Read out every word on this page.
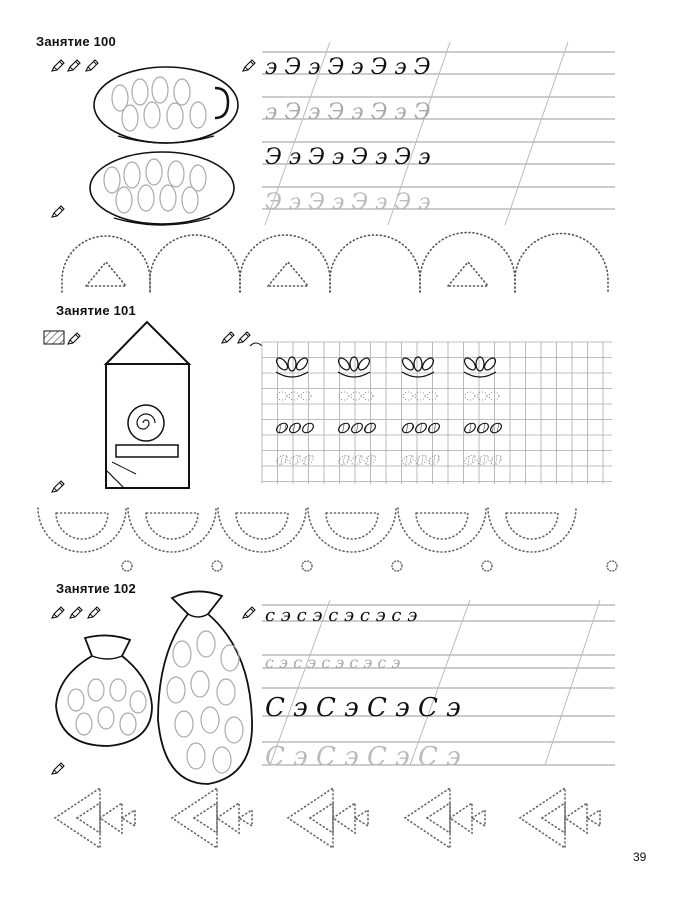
Занятие 100
Занятие 101
Занятие 102
39
э Э э Э э Э э Э
э Э э Э э Э э Э
Э э Э э Э э Э э
Э э Э э Э э Э э
с э с э с э с э с э
с э с э с э с э с э
С э С э С э С э
С э С э С э С э
